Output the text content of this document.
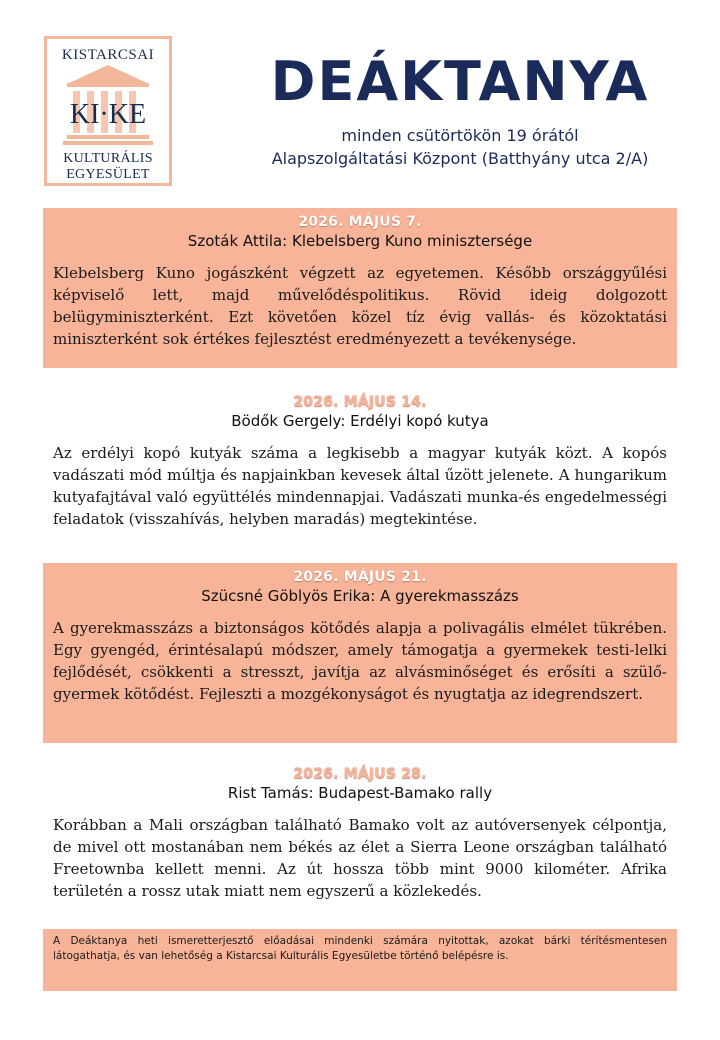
KISTARCSAI
KI·KE
KULTURÁLIS
EGYESÜLET
DEÁKTANYA
minden csütörtökön 19 órától
Alapszolgáltatási Központ (Batthyány utca 2/A)
2026. MÁJUS 7.
Szoták Attila: Klebelsberg Kuno minisztersége
Klebelsberg Kuno jogászként végzett az egyetemen. Később országgyűlési képviselő lett, majd művelődéspolitikus. Rövid ideig dolgozott belügyminiszterként. Ezt követően közel tíz évig vallás- és közoktatási miniszterként sok értékes fejlesztést eredményezett a tevékenysége.
2026. MÁJUS 14.
Bödők Gergely: Erdélyi kopó kutya
Az erdélyi kopó kutyák száma a legkisebb a magyar kutyák közt. A kopós vadászati mód múltja és napjainkban kevesek által űzött jelenete. A hungarikum kutyafajtával való együttélés mindennapjai. Vadászati munka-és engedelmességi feladatok (visszahívás, helyben maradás) megtekintése.
2026. MÁJUS 21.
Szücsné Göblyös Erika: A gyerekmasszázs
A gyerekmasszázs a biztonságos kötődés alapja a polivagális elmélet tükrében. Egy gyengéd, érintésalapú módszer, amely támogatja a gyermekek testi-lelki fejlődését, csökkenti a stresszt, javítja az alvásminőséget és erősíti a szülő-gyermek kötődést. Fejleszti a mozgékonyságot és nyugtatja az idegrendszert.
2026. MÁJUS 28.
Rist Tamás: Budapest-Bamako rally
Korábban a Mali országban található Bamako volt az autóversenyek célpontja, de mivel ott mostanában nem békés az élet a Sierra Leone országban található Freetownba kellett menni. Az út hossza több mint 9000 kilométer. Afrika területén a rossz utak miatt nem egyszerű a közlekedés.
A Deáktanya heti ismeretterjesztő előadásai mindenki számára nyitottak, azokat bárki térítésmentesen látogathatja, és van lehetőség a Kistarcsai Kulturális Egyesületbe történő belépésre is.
